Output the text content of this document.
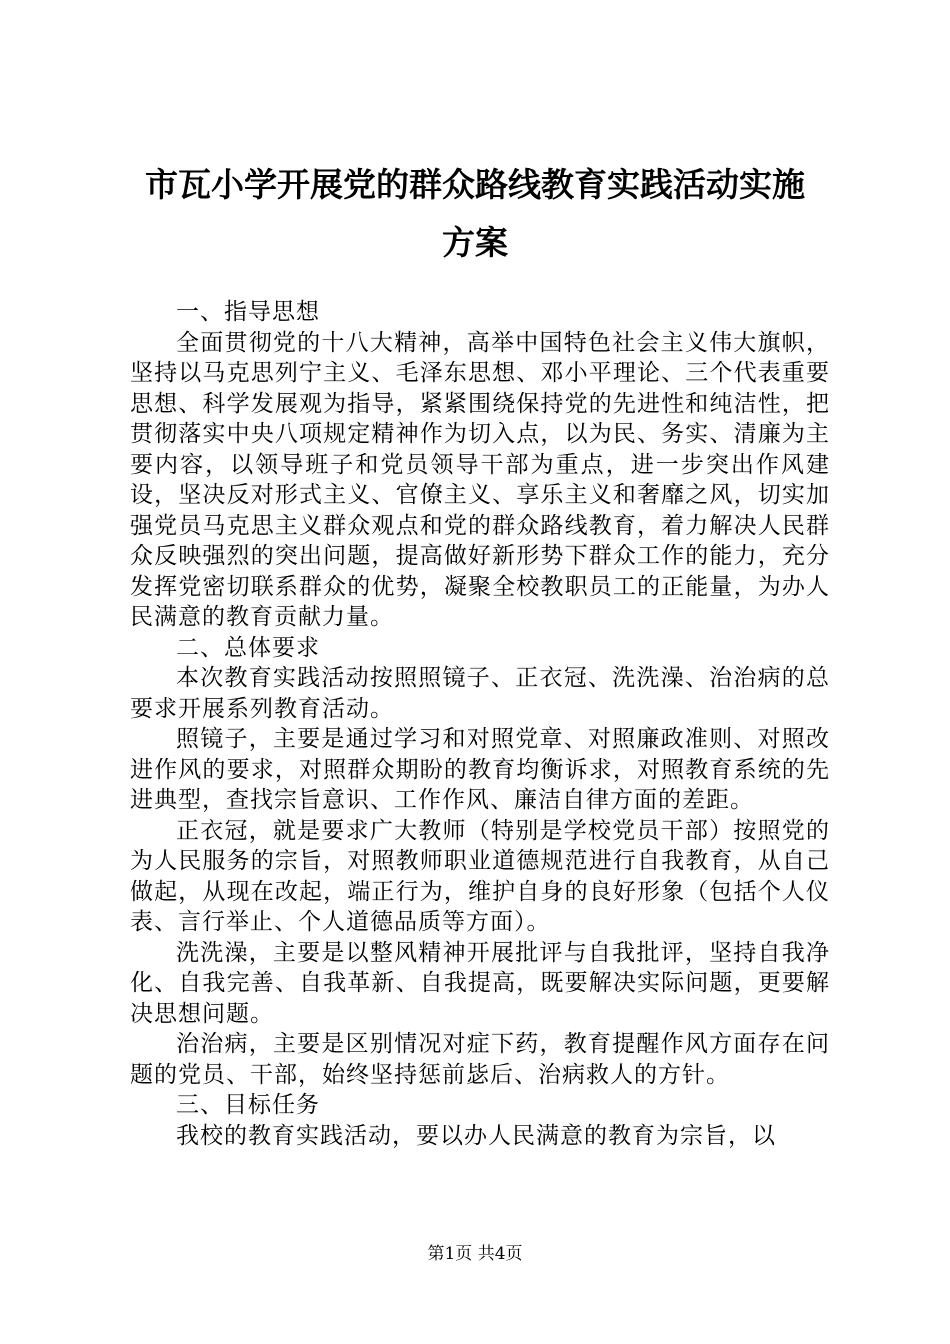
市瓦小学开展党的群众路线教育实践活动实施
方案

一、指导思想

全面贯彻党的十八大精神，高举中国特色社会主义伟大旗帜，坚持以马克思列宁主义、毛泽东思想、邓小平理论、三个代表重要思想、科学发展观为指导，紧紧围绕保持党的先进性和纯洁性，把贯彻落实中央八项规定精神作为切入点，以为民、务实、清廉为主要内容，以领导班子和党员领导干部为重点，进一步突出作风建设，坚决反对形式主义、官僚主义、享乐主义和奢靡之风，切实加强党员马克思主义群众观点和党的群众路线教育，着力解决人民群众反映强烈的突出问题，提高做好新形势下群众工作的能力，充分发挥党密切联系群众的优势，凝聚全校教职员工的正能量，为办人民满意的教育贡献力量。

二、总体要求

本次教育实践活动按照照镜子、正衣冠、洗洗澡、治治病的总要求开展系列教育活动。

照镜子，主要是通过学习和对照党章、对照廉政准则、对照改进作风的要求，对照群众期盼的教育均衡诉求，对照教育系统的先进典型，查找宗旨意识、工作作风、廉洁自律方面的差距。

正衣冠，就是要求广大教师（特别是学校党员干部）按照党的为人民服务的宗旨，对照教师职业道德规范进行自我教育，从自己做起，从现在改起，端正行为，维护自身的良好形象（包括个人仪表、言行举止、个人道德品质等方面）。

洗洗澡，主要是以整风精神开展批评与自我批评，坚持自我净化、自我完善、自我革新、自我提高，既要解决实际问题，更要解决思想问题。

治治病，主要是区别情况对症下药，教育提醒作风方面存在问题的党员、干部，始终坚持惩前毖后、治病救人的方针。

三、目标任务

我校的教育实践活动，要以办人民满意的教育为宗旨，以

第1页 共4页
